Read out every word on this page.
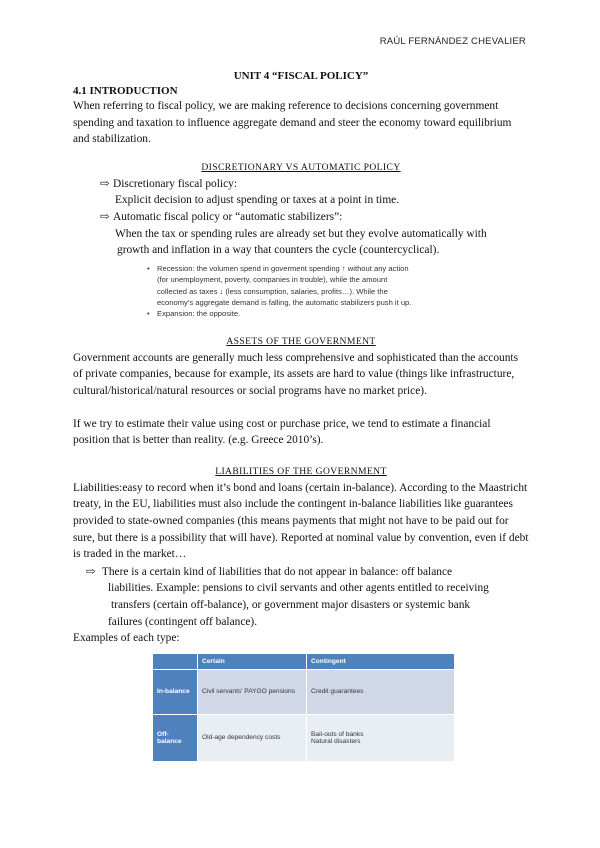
RAÚL FERNÁNDEZ CHEVALIER

UNIT 4 “FISCAL POLICY”

4.1 INTRODUCTION

When referring to fiscal policy, we are making reference to decisions concerning government spending and taxation to influence aggregate demand and steer the economy toward equilibrium and stabilization.

DISCRETIONARY VS AUTOMATIC POLICY

⇨ Discretionary fiscal policy:

Explicit decision to adjust spending or taxes at a point in time.

⇨ Automatic fiscal policy or “automatic stabilizers”:

When the tax or spending rules are already set but they evolve automatically with

growth and inflation in a way that counters the cycle (countercyclical).

• Recession: the volumen spend in goverment spending ↑ without any action
(for unemployment, poverty, companies in trouble), while the amount
collected as taxes ↓ (less consumption, salaries, profits…). While the
economy’s aggregate demand is falling, the automatic stabilizers push it up.
• Expansion: the opposite.

ASSETS OF THE GOVERNMENT

Government accounts are generally much less comprehensive and sophisticated than the accounts of private companies, because for example, its assets are hard to value (things like infrastructure, cultural/historical/natural resources or social programs have no market price).

If we try to estimate their value using cost or purchase price, we tend to estimate a financial position that is better than reality. (e.g. Greece 2010’s).

LIABILITIES OF THE GOVERNMENT

Liabilities:easy to record when it’s bond and loans (certain in-balance). According to the Maastricht treaty, in the EU, liabilities must also include the contingent in-balance liabilities like guarantees provided to state-owned companies (this means payments that might not have to be paid out for sure, but there is a possibility that will have). Reported at nominal value by convention, even if debt is traded in the market…

⇨ There is a certain kind of liabilities that do not appear in balance: off balance

liabilities. Example: pensions to civil servants and other agents entitled to receiving

transfers (certain off-balance), or government major disasters or systemic bank

failures (contingent off balance).

Examples of each type:

	Certain	Contingent
In-balance	Civil servants' PAYGO pensions	Credit guarantees

Off-balance	Old-age dependency costs	Bail-outs of banks
Natural disasters
